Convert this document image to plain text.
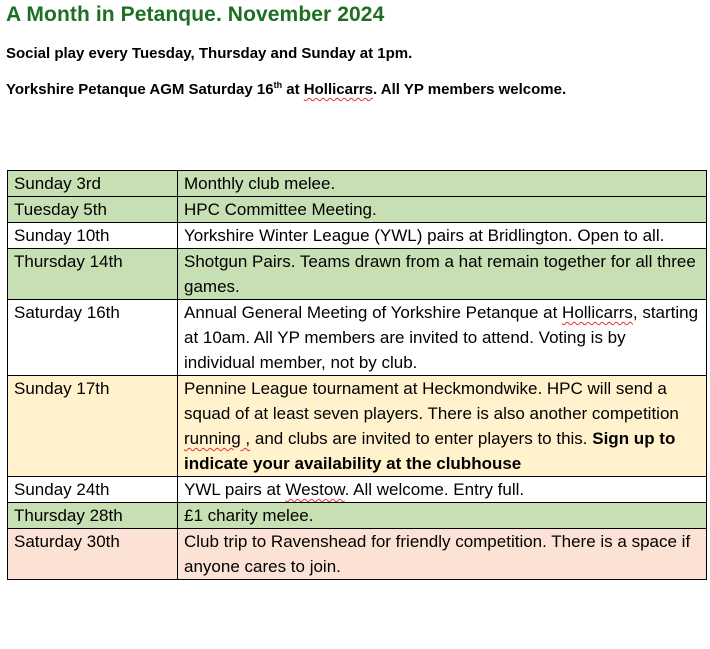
A Month in Petanque. November 2024

Social play every Tuesday, Thursday and Sunday at 1pm.

Yorkshire Petanque AGM Saturday 16th at Hollicarrs. All YP members welcome.

Sunday 3rd	Monthly club melee.
Tuesday 5th	HPC Committee Meeting.
Sunday 10th	Yorkshire Winter League (YWL) pairs at Bridlington. Open to all.
Thursday 14th	Shotgun Pairs. Teams drawn from a hat remain together for all three games.
Saturday 16th	Annual General Meeting of Yorkshire Petanque at Hollicarrs, starting at 10am. All YP members are invited to attend. Voting is by individual member, not by club.
Sunday 17th	Pennine League tournament at Heckmondwike. HPC will send a squad of at least seven players. There is also another competition running , and clubs are invited to enter players to this. Sign up to indicate your availability at the clubhouse
Sunday 24th	YWL pairs at Westow. All welcome. Entry full.
Thursday 28th	£1 charity melee.
Saturday 30th	Club trip to Ravenshead for friendly competition. There is a space if anyone cares to join.
